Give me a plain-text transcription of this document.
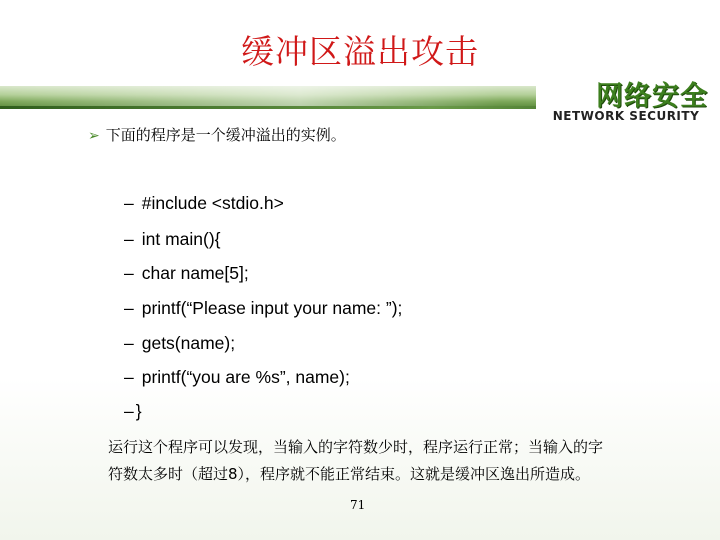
缓冲区溢出攻击
网络安全
NETWORK SECURITY
➢ 下面的程序是一个缓冲溢出的实例。
– #include <stdio.h>
– int main(){
– char name[5];
– printf(“Please input your name: ”);
– gets(name);
– printf(“you are %s”, name);
– }
运行这个程序可以发现，当输入的字符数少时，程序运行正常；当输入的字
符数太多时（超过8），程序就不能正常结束。这就是缓冲区逸出所造成。
71
